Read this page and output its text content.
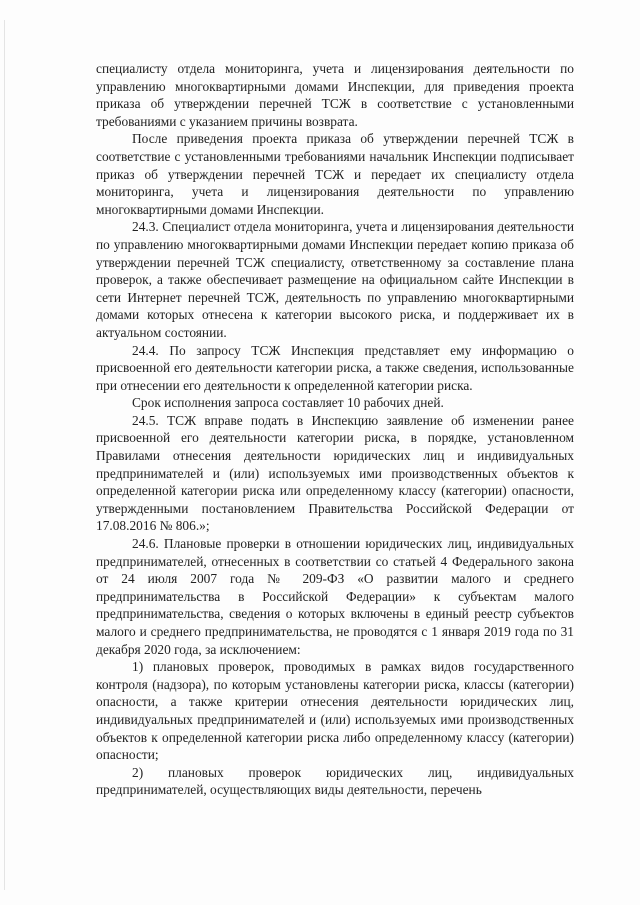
специалисту отдела мониторинга, учета и лицензирования деятельности по управлению многоквартирными домами Инспекции, для приведения проекта приказа об утверждении перечней ТСЖ в соответствие с установленными требованиями с указанием причины возврата.

После приведения проекта приказа об утверждении перечней ТСЖ в соответствие с установленными требованиями начальник Инспекции подписывает приказ об утверждении перечней ТСЖ и передает их специалисту отдела мониторинга, учета и лицензирования деятельности по управлению многоквартирными домами Инспекции.

24.3. Специалист отдела мониторинга, учета и лицензирования деятельности по управлению многоквартирными домами Инспекции передает копию приказа об утверждении перечней ТСЖ специалисту, ответственному за составление плана проверок, а также обеспечивает размещение на официальном сайте Инспекции в сети Интернет перечней ТСЖ, деятельность по управлению многоквартирными домами которых отнесена к категории высокого риска, и поддерживает их в актуальном состоянии.

24.4. По запросу ТСЖ Инспекция представляет ему информацию о присвоенной его деятельности категории риска, а также сведения, использованные при отнесении его деятельности к определенной категории риска.

Срок исполнения запроса составляет 10 рабочих дней.

24.5. ТСЖ вправе подать в Инспекцию заявление об изменении ранее присвоенной его деятельности категории риска, в порядке, установленном Правилами отнесения деятельности юридических лиц и индивидуальных предпринимателей и (или) используемых ими производственных объектов к определенной категории риска или определенному классу (категории) опасности, утвержденными постановлением Правительства Российской Федерации от 17.08.2016 № 806.»;

24.6. Плановые проверки в отношении юридических лиц, индивидуальных предпринимателей, отнесенных в соответствии со статьей 4 Федерального закона от 24 июля 2007 года № 209-ФЗ «О развитии малого и среднего предпринимательства в Российской Федерации» к субъектам малого предпринимательства, сведения о которых включены в единый реестр субъектов малого и среднего предпринимательства, не проводятся с 1 января 2019 года по 31 декабря 2020 года, за исключением:

1) плановых проверок, проводимых в рамках видов государственного контроля (надзора), по которым установлены категории риска, классы (категории) опасности, а также критерии отнесения деятельности юридических лиц, индивидуальных предпринимателей и (или) используемых ими производственных объектов к определенной категории риска либо определенному классу (категории) опасности;

2) плановых проверок юридических лиц, индивидуальных предпринимателей, осуществляющих виды деятельности, перечень
